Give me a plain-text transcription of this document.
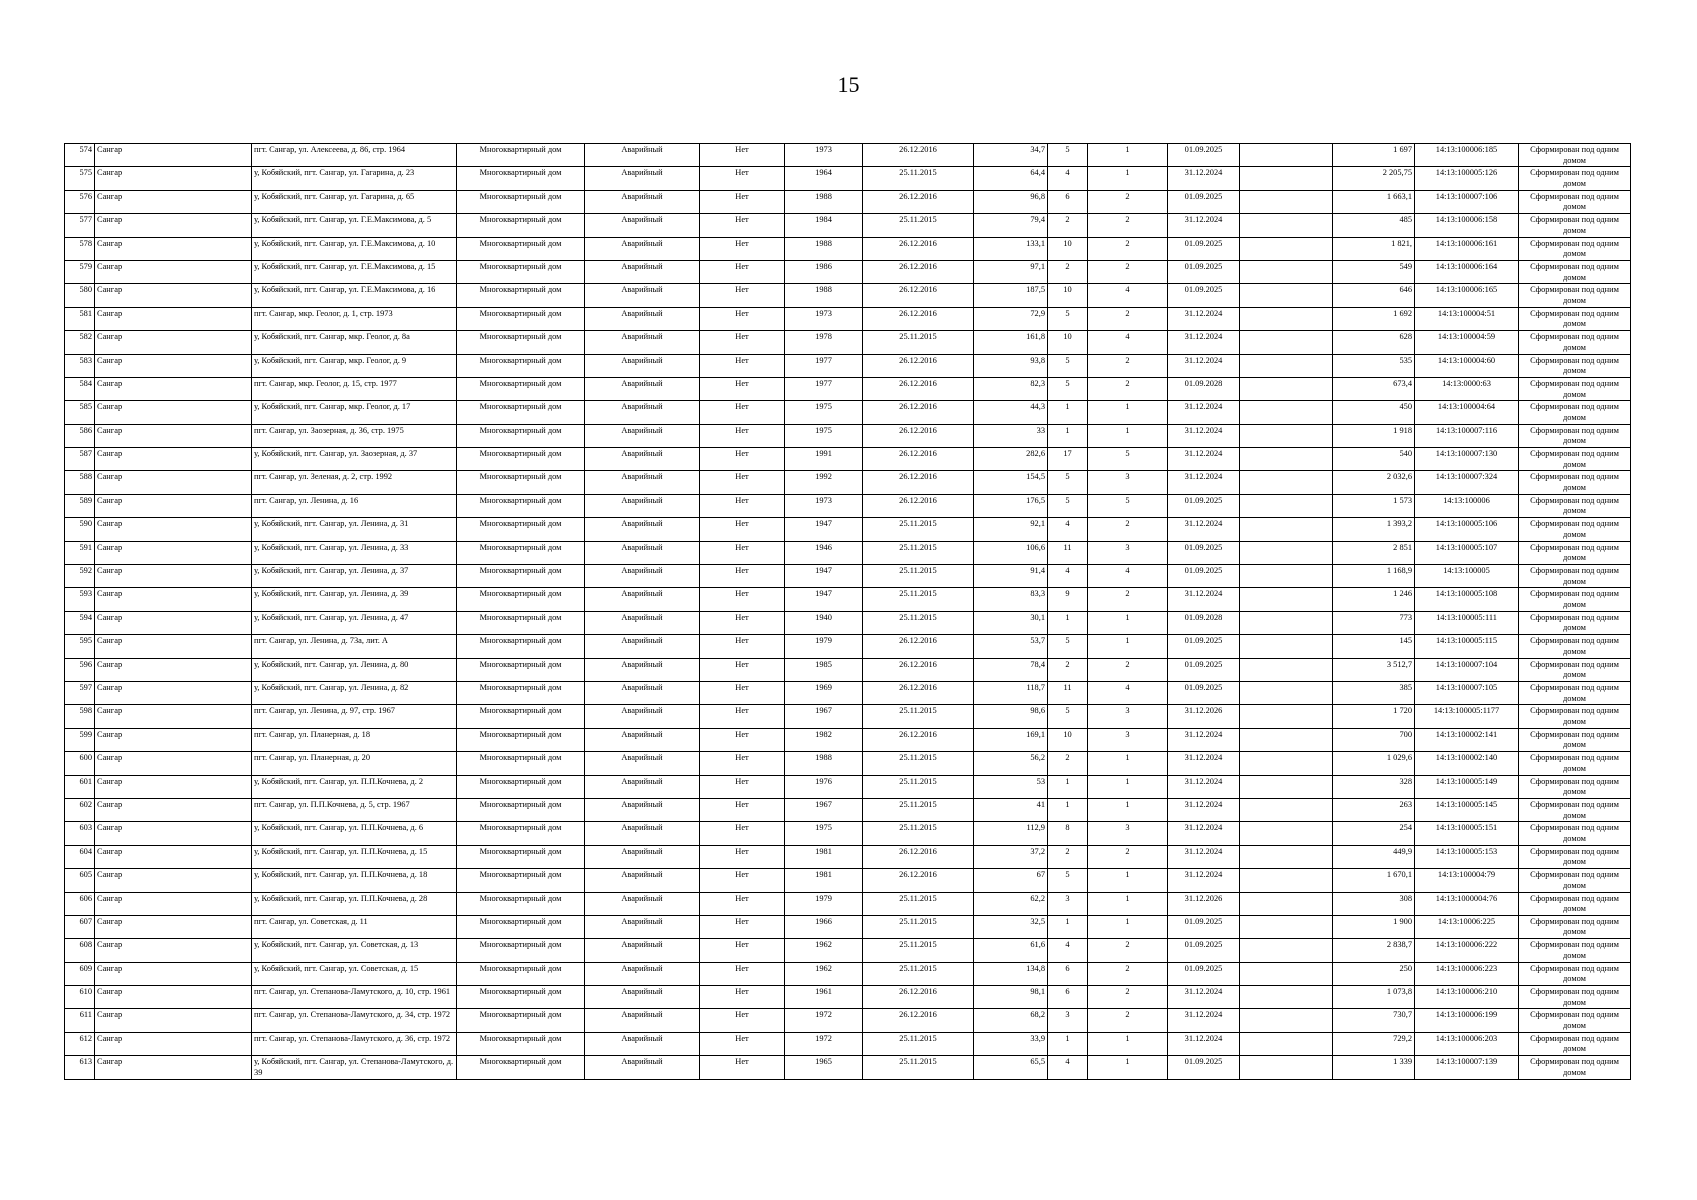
15
574	Сангар	пгт. Сангар, ул. Алексеева, д. 86, стр. 1964	Многоквартирный дом	Аварийный	Нет	1973	26.12.2016	34,7	5	1	01.09.2025		1 697	14:13:100006:185	Сформирован под одним домом
575	Сангар	у, Кобяйский, пгт. Сангар, ул. Гагарина, д. 23	Многоквартирный дом	Аварийный	Нет	1964	25.11.2015	64,4	4	1	31.12.2024		2 205,75	14:13:100005:126	Сформирован под одним домом
576	Сангар	у, Кобяйский, пгт. Сангар, ул. Гагарина, д. 65	Многоквартирный дом	Аварийный	Нет	1988	26.12.2016	96,8	6	2	01.09.2025		1 663,1	14:13:100007:106	Сформирован под одним домом
577	Сангар	у, Кобяйский, пгт. Сангар, ул. Г.Е.Максимова, д. 5	Многоквартирный дом	Аварийный	Нет	1984	25.11.2015	79,4	2	2	31.12.2024		485	14:13:100006:158	Сформирован под одним домом
578	Сангар	у, Кобяйский, пгт. Сангар, ул. Г.Е.Максимова, д. 10	Многоквартирный дом	Аварийный	Нет	1988	26.12.2016	133,1	10	2	01.09.2025		1 821,	14:13:100006:161	Сформирован под одним домом
579	Сангар	у, Кобяйский, пгт. Сангар, ул. Г.Е.Максимова, д. 15	Многоквартирный дом	Аварийный	Нет	1986	26.12.2016	97,1	2	2	01.09.2025		549	14:13:100006:164	Сформирован под одним домом
580	Сангар	у, Кобяйский, пгт. Сангар, ул. Г.Е.Максимова, д. 16	Многоквартирный дом	Аварийный	Нет	1988	26.12.2016	187,5	10	4	01.09.2025		646	14:13:100006:165	Сформирован под одним домом
581	Сангар	пгт. Сангар, мкр. Геолог, д. 1, стр. 1973	Многоквартирный дом	Аварийный	Нет	1973	26.12.2016	72,9	5	2	31.12.2024		1 692	14:13:100004:51	Сформирован под одним домом
582	Сангар	у, Кобяйский, пгт. Сангар, мкр. Геолог, д. 8а	Многоквартирный дом	Аварийный	Нет	1978	25.11.2015	161,8	10	4	31.12.2024		628	14:13:100004:59	Сформирован под одним домом
583	Сангар	у, Кобяйский, пгт. Сангар, мкр. Геолог, д. 9	Многоквартирный дом	Аварийный	Нет	1977	26.12.2016	93,8	5	2	31.12.2024		535	14:13:100004:60	Сформирован под одним домом
584	Сангар	пгт. Сангар, мкр. Геолог, д. 15, стр. 1977	Многоквартирный дом	Аварийный	Нет	1977	26.12.2016	82,3	5	2	01.09.2028		673,4	14:13:0000:63	Сформирован под одним домом
585	Сангар	у, Кобяйский, пгт. Сангар, мкр. Геолог, д. 17	Многоквартирный дом	Аварийный	Нет	1975	26.12.2016	44,3	1	1	31.12.2024		450	14:13:100004:64	Сформирован под одним домом
586	Сангар	пгт. Сангар, ул. Заозерная, д. 36, стр. 1975	Многоквартирный дом	Аварийный	Нет	1975	26.12.2016	33	1	1	31.12.2024		1 918	14:13:100007:116	Сформирован под одним домом
587	Сангар	у, Кобяйский, пгт. Сангар, ул. Заозерная, д. 37	Многоквартирный дом	Аварийный	Нет	1991	26.12.2016	282,6	17	5	31.12.2024		540	14:13:100007:130	Сформирован под одним домом
588	Сангар	пгт. Сангар, ул. Зеленая, д. 2, стр. 1992	Многоквартирный дом	Аварийный	Нет	1992	26.12.2016	154,5	5	3	31.12.2024		2 032,6	14:13:100007:324	Сформирован под одним домом
589	Сангар	пгт. Сангар, ул. Ленина, д. 16	Многоквартирный дом	Аварийный	Нет	1973	26.12.2016	176,5	5	5	01.09.2025		1 573	14:13:100006	Сформирован под одним домом
590	Сангар	у, Кобяйский, пгт. Сангар, ул. Ленина, д. 31	Многоквартирный дом	Аварийный	Нет	1947	25.11.2015	92,1	4	2	31.12.2024		1 393,2	14:13:100005:106	Сформирован под одним домом
591	Сангар	у, Кобяйский, пгт. Сангар, ул. Ленина, д. 33	Многоквартирный дом	Аварийный	Нет	1946	25.11.2015	106,6	11	3	01.09.2025		2 851	14:13:100005:107	Сформирован под одним домом
592	Сангар	у, Кобяйский, пгт. Сангар, ул. Ленина, д. 37	Многоквартирный дом	Аварийный	Нет	1947	25.11.2015	91,4	4	4	01.09.2025		1 168,9	14:13:100005	Сформирован под одним домом
593	Сангар	у, Кобяйский, пгт. Сангар, ул. Ленина, д. 39	Многоквартирный дом	Аварийный	Нет	1947	25.11.2015	83,3	9	2	31.12.2024		1 246	14:13:100005:108	Сформирован под одним домом
594	Сангар	у, Кобяйский, пгт. Сангар, ул. Ленина, д. 47	Многоквартирный дом	Аварийный	Нет	1940	25.11.2015	30,1	1	1	01.09.2028		773	14:13:100005:111	Сформирован под одним домом
595	Сангар	пгт. Сангар, ул. Ленина, д. 73а, лит. А	Многоквартирный дом	Аварийный	Нет	1979	26.12.2016	53,7	5	1	01.09.2025		145	14:13:100005:115	Сформирован под одним домом
596	Сангар	у, Кобяйский, пгт. Сангар, ул. Ленина, д. 80	Многоквартирный дом	Аварийный	Нет	1985	26.12.2016	78,4	2	2	01.09.2025		3 512,7	14:13:100007:104	Сформирован под одним домом
597	Сангар	у, Кобяйский, пгт. Сангар, ул. Ленина, д. 82	Многоквартирный дом	Аварийный	Нет	1969	26.12.2016	118,7	11	4	01.09.2025		385	14:13:100007:105	Сформирован под одним домом
598	Сангар	пгт. Сангар, ул. Ленина, д. 97, стр. 1967	Многоквартирный дом	Аварийный	Нет	1967	25.11.2015	98,6	5	3	31.12.2026		1 720	14:13:100005:1177	Сформирован под одним домом
599	Сангар	пгт. Сангар, ул. Планерная, д. 18	Многоквартирный дом	Аварийный	Нет	1982	26.12.2016	169,1	10	3	31.12.2024		700	14:13:100002:141	Сформирован под одним домом
600	Сангар	пгт. Сангар, ул. Планерная, д. 20	Многоквартирный дом	Аварийный	Нет	1988	25.11.2015	56,2	2	1	31.12.2024		1 029,6	14:13:100002:140	Сформирован под одним домом
601	Сангар	у, Кобяйский, пгт. Сангар, ул. П.П.Кочнева, д. 2	Многоквартирный дом	Аварийный	Нет	1976	25.11.2015	53	1	1	31.12.2024		328	14:13:100005:149	Сформирован под одним домом
602	Сангар	пгт. Сангар, ул. П.П.Кочнева, д. 5, стр. 1967	Многоквартирный дом	Аварийный	Нет	1967	25.11.2015	41	1	1	31.12.2024		263	14:13:100005:145	Сформирован под одним домом
603	Сангар	у, Кобяйский, пгт. Сангар, ул. П.П.Кочнева, д. 6	Многоквартирный дом	Аварийный	Нет	1975	25.11.2015	112,9	8	3	31.12.2024		254	14:13:100005:151	Сформирован под одним домом
604	Сангар	у, Кобяйский, пгт. Сангар, ул. П.П.Кочнева, д. 15	Многоквартирный дом	Аварийный	Нет	1981	26.12.2016	37,2	2	2	31.12.2024		449,9	14:13:100005:153	Сформирован под одним домом
605	Сангар	у, Кобяйский, пгт. Сангар, ул. П.П.Кочнева, д. 18	Многоквартирный дом	Аварийный	Нет	1981	26.12.2016	67	5	1	31.12.2024		1 670,1	14:13:100004:79	Сформирован под одним домом
606	Сангар	у, Кобяйский, пгт. Сангар, ул. П.П.Кочнева, д. 28	Многоквартирный дом	Аварийный	Нет	1979	25.11.2015	62,2	3	1	31.12.2026		308	14:13:1000004:76	Сформирован под одним домом
607	Сангар	пгт. Сангар, ул. Советская, д. 11	Многоквартирный дом	Аварийный	Нет	1966	25.11.2015	32,5	1	1	01.09.2025		1 900	14:13:10006:225	Сформирован под одним домом
608	Сангар	у, Кобяйский, пгт. Сангар, ул. Советская, д. 13	Многоквартирный дом	Аварийный	Нет	1962	25.11.2015	61,6	4	2	01.09.2025		2 838,7	14:13:100006:222	Сформирован под одним домом
609	Сангар	у, Кобяйский, пгт. Сангар, ул. Советская, д. 15	Многоквартирный дом	Аварийный	Нет	1962	25.11.2015	134,8	6	2	01.09.2025		250	14:13:100006:223	Сформирован под одним домом
610	Сангар	пгт. Сангар, ул. Степанова-Ламутского, д. 10, стр. 1961	Многоквартирный дом	Аварийный	Нет	1961	26.12.2016	98,1	6	2	31.12.2024		1 073,8	14:13:100006:210	Сформирован под одним домом
611	Сангар	пгт. Сангар, ул. Степанова-Ламутского, д. 34, стр. 1972	Многоквартирный дом	Аварийный	Нет	1972	26.12.2016	68,2	3	2	31.12.2024		730,7	14:13:100006:199	Сформирован под одним домом
612	Сангар	пгт. Сангар, ул. Степанова-Ламутского, д. 36, стр. 1972	Многоквартирный дом	Аварийный	Нет	1972	25.11.2015	33,9	1	1	31.12.2024		729,2	14:13:100006:203	Сформирован под одним домом
613	Сангар	у, Кобяйский, пгт. Сангар, ул. Степанова-Ламутского, д. 39	Многоквартирный дом	Аварийный	Нет	1965	25.11.2015	65,5	4	1	01.09.2025		1 339	14:13:100007:139	Сформирован под одним домом
